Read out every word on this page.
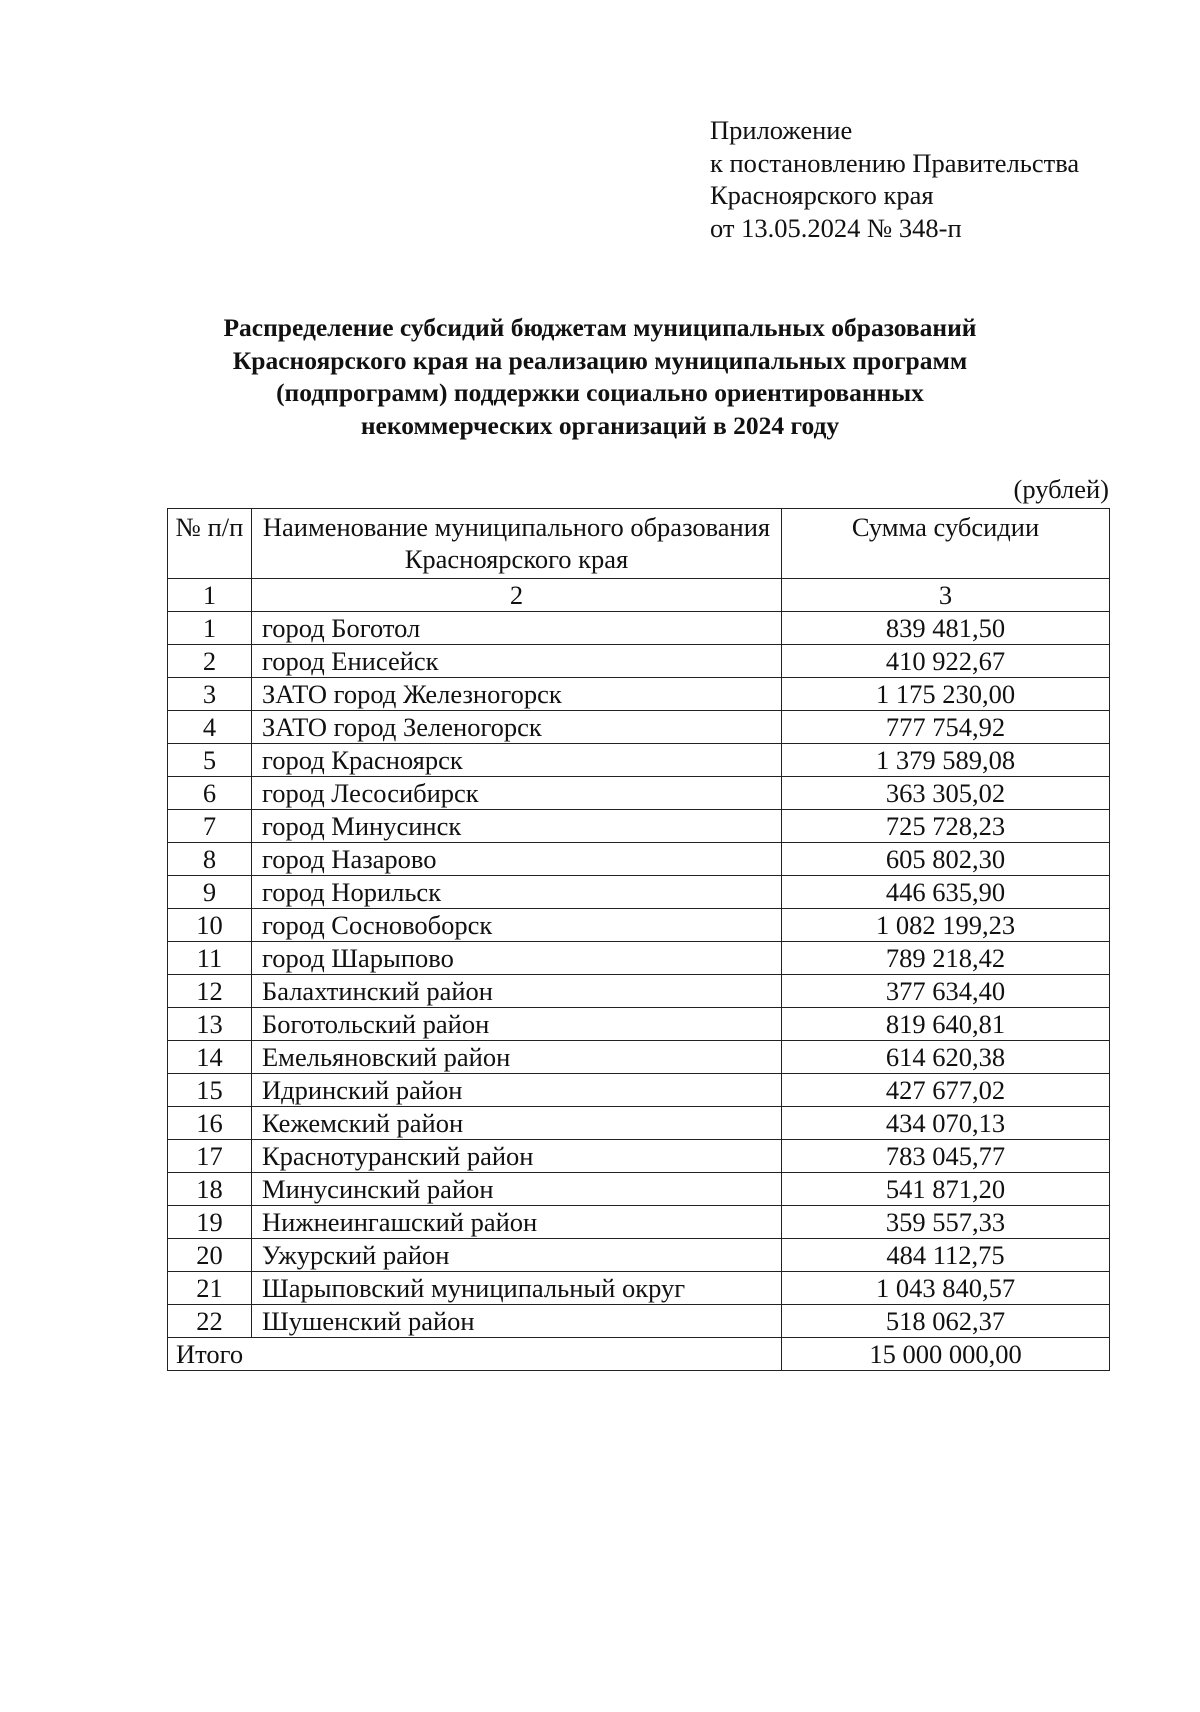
Приложение
к постановлению Правительства
Красноярского края
от 13.05.2024 № 348-п
Распределение субсидий бюджетам муниципальных образований
Красноярского края на реализацию муниципальных программ
(подпрограмм) поддержки социально ориентированных
некоммерческих организаций в 2024 году
(рублей)
№ п/п	Наименование муниципального образования Красноярского края	Сумма субсидии
1	2	3
1	город Боготол	839 481,50
2	город Енисейск	410 922,67
3	ЗАТО город Железногорск	1 175 230,00
4	ЗАТО город Зеленогорск	777 754,92
5	город Красноярск	1 379 589,08
6	город Лесосибирск	363 305,02
7	город Минусинск	725 728,23
8	город Назарово	605 802,30
9	город Норильск	446 635,90
10	город Сосновоборск	1 082 199,23
11	город Шарыпово	789 218,42
12	Балахтинский район	377 634,40
13	Боготольский район	819 640,81
14	Емельяновский район	614 620,38
15	Идринский район	427 677,02
16	Кежемский район	434 070,13
17	Краснотуранский район	783 045,77
18	Минусинский район	541 871,20
19	Нижнеингашский район	359 557,33
20	Ужурский район	484 112,75
21	Шарыповский муниципальный округ	1 043 840,57
22	Шушенский район	518 062,37
Итого		15 000 000,00
